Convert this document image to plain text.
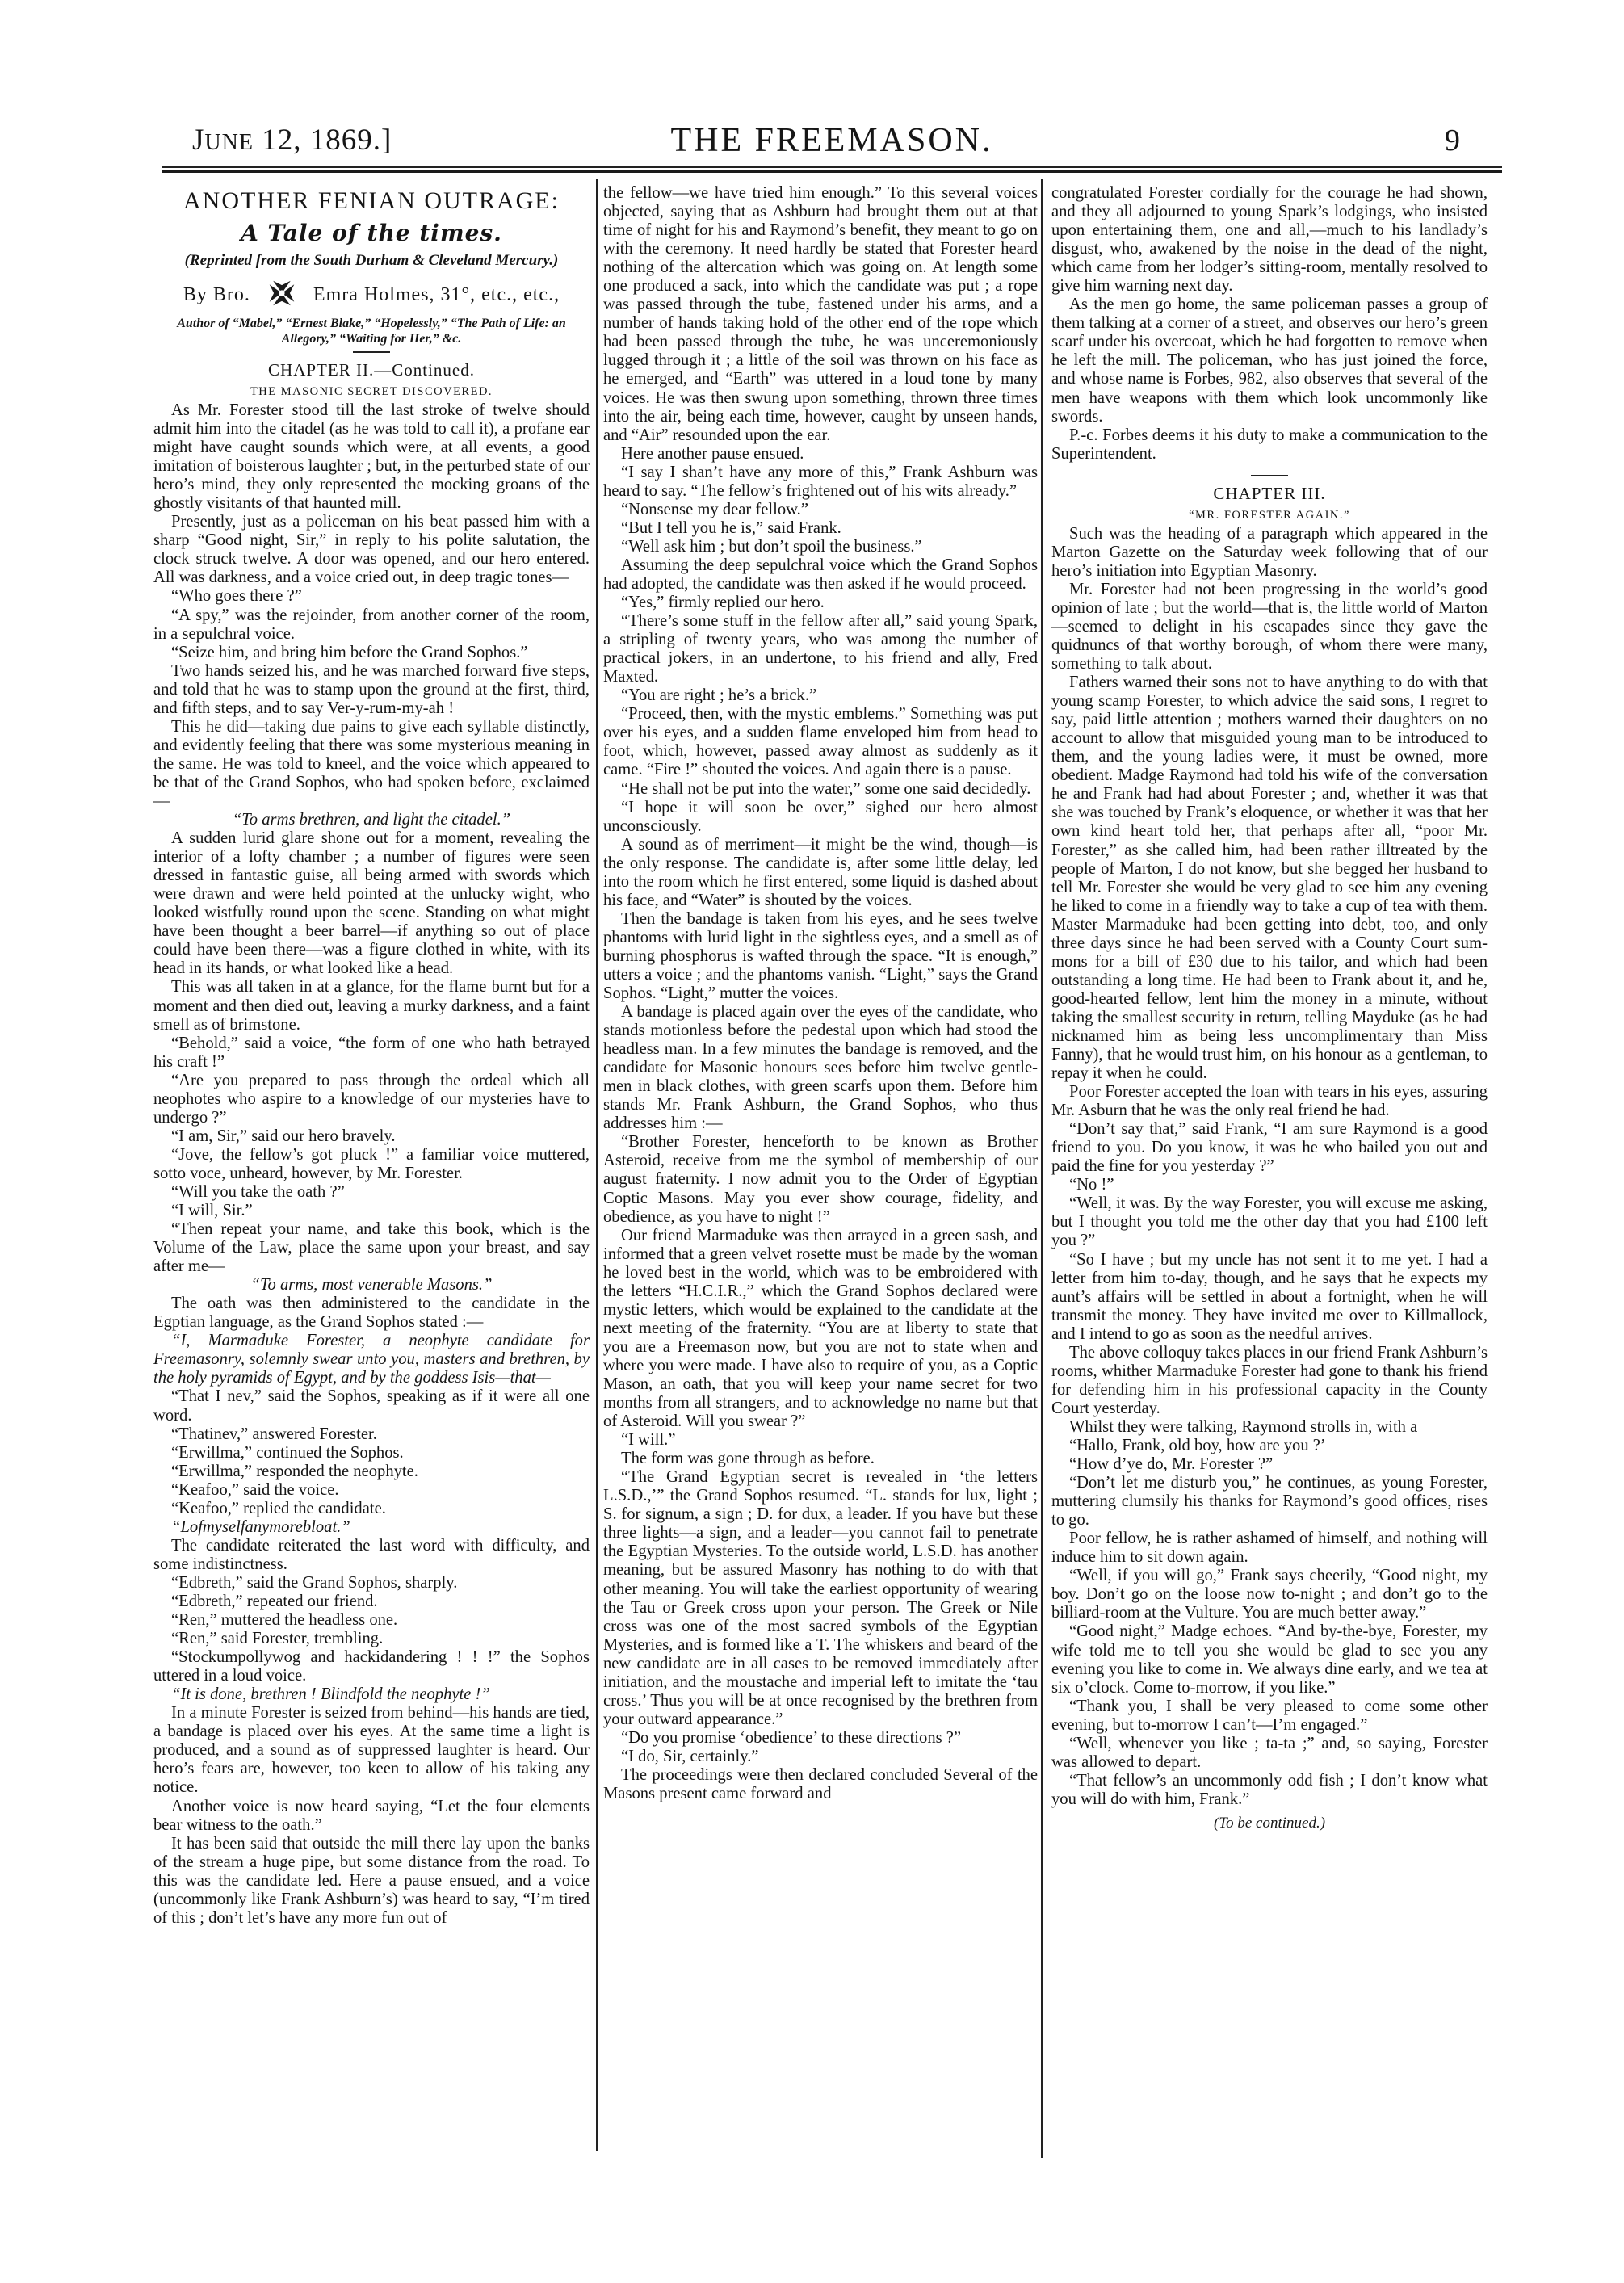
JUNE 12, 1869.]	THE FREEMASON.	9
ANOTHER FENIAN OUTRAGE:
A Tale of the times.
(Reprinted from the South Durham & Cleveland Mercury.)
By Bro.	Emra Holmes, 31°, etc., etc.,
Author of “Mabel,” “Ernest Blake,” “Hopelessly,” “The Path of Life: an Allegory,” “Waiting for Her,” &c.
CHAPTER II.—Continued.
THE MASONIC SECRET DISCOVERED.

As Mr. Forester stood till the last stroke of twelve should admit him into the citadel (as he was told to call it), a profane ear might have caught sounds which were, at all events, a good imitation of boisterous laughter ; but, in the perturbed state of our hero’s mind, they only represented the mocking groans of the ghostly visitants of that haunted mill.

Presently, just as a policeman on his beat passed him with a sharp “Good night, Sir,” in reply to his polite salutation, the clock struck twelve. A door was opened, and our hero entered. All was darkness, and a voice cried out, in deep tragic tones—

“Who goes there ?”

“A spy,” was the rejoinder, from another corner of the room, in a sepulchral voice.

“Seize him, and bring him before the Grand Sophos.”

Two hands seized his, and he was marched forward five steps, and told that he was to stamp upon the ground at the first, third, and fifth steps, and to say Ver-y-rum-my-ah !

This he did—taking due pains to give each syllable distinctly, and evidently feeling that there was some mysterious meaning in the same. He was told to kneel, and the voice which appeared to be that of the Grand Sophos, who had spoken before, exclaimed—

“To arms brethren, and light the citadel.”

A sudden lurid glare shone out for a moment, revealing the interior of a lofty chamber ; a number of figures were seen dressed in fantastic guise, all being armed with swords which were drawn and were held pointed at the unlucky wight, who looked wistfully round upon the scene. Standing on what might have been thought a beer barrel—if anything so out of place could have been there—was a figure clothed in white, with its head in its hands, or what looked like a head.

This was all taken in at a glance, for the flame burnt but for a moment and then died out, leaving a murky darkness, and a faint smell as of brimstone.

“Behold,” said a voice, “the form of one who hath betrayed his craft !”

“Are you prepared to pass through the ordeal which all neophotes who aspire to a knowledge of our mysteries have to undergo ?”

“I am, Sir,” said our hero bravely.

“Jove, the fellow’s got pluck !” a familiar voice muttered, sotto voce, unheard, however, by Mr. Forester.

“Will you take the oath ?”

“I will, Sir.”

“Then repeat your name, and take this book, which is the Volume of the Law, place the same upon your breast, and say after me—

“To arms, most venerable Masons.”

The oath was then administered to the candidate in the Egptian language, as the Grand Sophos stated :—

“I, Marmaduke Forester, a neophyte candidate for Freemasonry, solemnly swear unto you, masters and brethren, by the holy pyramids of Egypt, and by the goddess Isis—that—

“That I nev,” said the Sophos, speaking as if it were all one word.

“Thatinev,” answered Forester.

“Erwillma,” continued the Sophos.

“Erwillma,” responded the neophyte.

“Keafoo,” said the voice.

“Keafoo,” replied the candidate.

“Lofmyselfanymorebloat.”

The candidate reiterated the last word with difficulty, and some indistinctness.

“Edbreth,” said the Grand Sophos, sharply.

“Edbreth,” repeated our friend.

“Ren,” muttered the headless one.

“Ren,” said Forester, trembling.

“Stockumpollywog and hackidandering ! ! !” the Sophos uttered in a loud voice.

“It is done, brethren ! Blindfold the neophyte !”

In a minute Forester is seized from behind—his hands are tied, a bandage is placed over his eyes. At the same time a light is produced, and a sound as of suppressed laughter is heard. Our hero’s fears are, however, too keen to allow of his taking any notice.

Another voice is now heard saying, “Let the four elements bear witness to the oath.”

It has been said that outside the mill there lay upon the banks of the stream a huge pipe, but some distance from the road. To this was the candidate led. Here a pause ensued, and a voice (uncommonly like Frank Ashburn’s) was heard to say, “I’m tired of this ; don’t let’s have any more fun out of

the fellow—we have tried him enough.” To this several voices objected, saying that as Ashburn had brought them out at that time of night for his and Raymond’s benefit, they meant to go on with the ceremony. It need hardly be stated that Forester heard nothing of the altercation which was going on. At length some one produced a sack, into which the candidate was put ; a rope was passed through the tube, fastened under his arms, and a number of hands taking hold of the other end of the rope which had been passed through the tube, he was unceremoniously lugged through it ; a little of the soil was thrown on his face as he emerged, and “Earth” was uttered in a loud tone by many voices. He was then swung upon something, thrown three times into the air, being each time, however, caught by unseen hands, and “Air” resounded upon the ear.

Here another pause ensued.

“I say I shan’t have any more of this,” Frank Ashburn was heard to say. “The fellow’s frightened out of his wits already.”

“Nonsense my dear fellow.”

“But I tell you he is,” said Frank.

“Well ask him ; but don’t spoil the business.”

Assuming the deep sepulchral voice which the Grand Sophos had adopted, the candidate was then asked if he would proceed.

“Yes,” firmly replied our hero.

“There’s some stuff in the fellow after all,” said young Spark, a stripling of twenty years, who was among the number of practical jokers, in an undertone, to his friend and ally, Fred Maxted.

“You are right ; he’s a brick.”

“Proceed, then, with the mystic emblems.” Something was put over his eyes, and a sudden flame enveloped him from head to foot, which, however, passed away almost as suddenly as it came. “Fire !” shouted the voices. And again there is a pause.

“He shall not be put into the water,” some one said decidedly.

“I hope it will soon be over,” sighed our hero almost unconsciously.

A sound as of merriment—it might be the wind, though—is the only response. The candidate is, after some little delay, led into the room which he first entered, some liquid is dashed about his face, and “Water” is shouted by the voices.

Then the bandage is taken from his eyes, and he sees twelve phantoms with lurid light in the sightless eyes, and a smell as of burning phosphorus is wafted through the space. “It is enough,” utters a voice ; and the phantoms vanish. “Light,” says the Grand Sophos. “Light,” mutter the voices.

A bandage is placed again over the eyes of the candidate, who stands motionless before the pedestal upon which had stood the headless man. In a few minutes the bandage is removed, and the candidate for Masonic honours sees before him twelve gentlemen in black clothes, with green scarfs upon them. Before him stands Mr. Frank Ashburn, the Grand Sophos, who thus addresses him :—

“Brother Forester, henceforth to be known as Brother Asteroid, receive from me the symbol of membership of our august fraternity. I now admit you to the Order of Egyptian Coptic Masons. May you ever show courage, fidelity, and obedience, as you have to night !”

Our friend Marmaduke was then arrayed in a green sash, and informed that a green velvet rosette must be made by the woman he loved best in the world, which was to be embroidered with the letters “H.C.I.R.,” which the Grand Sophos declared were mystic letters, which would be explained to the candidate at the next meeting of the fraternity. “You are at liberty to state that you are a Freemason now, but you are not to state when and where you were made. I have also to require of you, as a Coptic Mason, an oath, that you will keep your name secret for two months from all strangers, and to acknowledge no name but that of Asteroid. Will you swear ?”

“I will.”

The form was gone through as before.

“The Grand Egyptian secret is revealed in ‘the letters L.S.D.,’” the Grand Sophos resumed. “L. stands for lux, light ; S. for signum, a sign ; D. for dux, a leader. If you have but these three lights—a sign, and a leader—you cannot fail to penetrate the Egyptian Mysteries. To the outside world, L.S.D. has another meaning, but be assured Masonry has nothing to do with that other meaning. You will take the earliest opportunity of wearing the Tau or Greek cross upon your person. The Greek or Nile cross was one of the most sacred symbols of the Egyptian Mysteries, and is formed like a T. The whiskers and beard of the new candidate are in all cases to be removed immediately after initiation, and the moustache and imperial left to imitate the ‘tau cross.’ Thus you will be at once recognised by the brethren from your outward appearance.”

“Do you promise ‘obedience’ to these directions ?”

“I do, Sir, certainly.”

The proceedings were then declared concluded Several of the Masons present came forward and

congratulated Forester cordially for the courage he had shown, and they all adjourned to young Spark’s lodgings, who insisted upon entertaining them, one and all,—much to his landlady’s disgust, who, awakened by the noise in the dead of the night, which came from her lodger’s sitting-room, mentally resolved to give him warning next day.

As the men go home, the same policeman passes a group of them talking at a corner of a street, and observes our hero’s green scarf under his overcoat, which he had forgotten to remove when he left the mill. The policeman, who has just joined the force, and whose name is Forbes, 982, also observes that several of the men have weapons with them which look uncommonly like swords.

P.-c. Forbes deems it his duty to make a communication to the Superintendent.

CHAPTER III.
“MR. FORESTER AGAIN.”

Such was the heading of a paragraph which appeared in the Marton Gazette on the Saturday week following that of our hero’s initiation into Egyptian Masonry.

Mr. Forester had not been progressing in the world’s good opinion of late ; but the world—that is, the little world of Marton—seemed to delight in his escapades since they gave the quidnuncs of that worthy borough, of whom there were many, something to talk about.

Fathers warned their sons not to have anything to do with that young scamp Forester, to which advice the said sons, I regret to say, paid little attention ; mothers warned their daughters on no account to allow that misguided young man to be introduced to them, and the young ladies were, it must be owned, more obedient. Madge Raymond had told his wife of the conversation he and Frank had had about Forester ; and, whether it was that she was touched by Frank’s eloquence, or whether it was that her own kind heart told her, that perhaps after all, “poor Mr. Forester,” as she called him, had been rather illtreated by the people of Marton, I do not know, but she begged her husband to tell Mr. Forester she would be very glad to see him any evening he liked to come in a friendly way to take a cup of tea with them. Master Marmaduke had been getting into debt, too, and only three days since he had been served with a County Court summons for a bill of £30 due to his tailor, and which had been outstanding a long time. He had been to Frank about it, and he, good-hearted fellow, lent him the money in a minute, without taking the smallest security in return, telling Mayduke (as he had nicknamed him as being less uncomplimentary than Miss Fanny), that he would trust him, on his honour as a gentleman, to repay it when he could.

Poor Forester accepted the loan with tears in his eyes, assuring Mr. Asburn that he was the only real friend he had.

“Don’t say that,” said Frank, “I am sure Raymond is a good friend to you. Do you know, it was he who bailed you out and paid the fine for you yesterday ?”

“No !”

“Well, it was. By the way Forester, you will excuse me asking, but I thought you told me the other day that you had £100 left you ?”

“So I have ; but my uncle has not sent it to me yet. I had a letter from him to-day, though, and he says that he expects my aunt’s affairs will be settled in about a fortnight, when he will transmit the money. They have invited me over to Killmallock, and I intend to go as soon as the needful arrives.

The above colloquy takes places in our friend Frank Ashburn’s rooms, whither Marmaduke Forester had gone to thank his friend for defending him in his professional capacity in the County Court yesterday.

Whilst they were talking, Raymond strolls in, with a

“Hallo, Frank, old boy, how are you ?’

“How d’ye do, Mr. Forester ?”

“Don’t let me disturb you,” he continues, as young Forester, muttering clumsily his thanks for Raymond’s good offices, rises to go.

Poor fellow, he is rather ashamed of himself, and nothing will induce him to sit down again.

“Well, if you will go,” Frank says cheerily, “Good night, my boy. Don’t go on the loose now to-night ; and don’t go to the billiard-room at the Vulture. You are much better away.”

“Good night,” Madge echoes. “And by-the-bye, Forester, my wife told me to tell you she would be glad to see you any evening you like to come in. We always dine early, and we tea at six o’clock. Come to-morrow, if you like.”

“Thank you, I shall be very pleased to come some other evening, but to-morrow I can’t—I’m engaged.”

“Well, whenever you like ; ta-ta ;” and, so saying, Forester was allowed to depart.

“That fellow’s an uncommonly odd fish ; I don’t know what you will do with him, Frank.”

(To be continued.)
